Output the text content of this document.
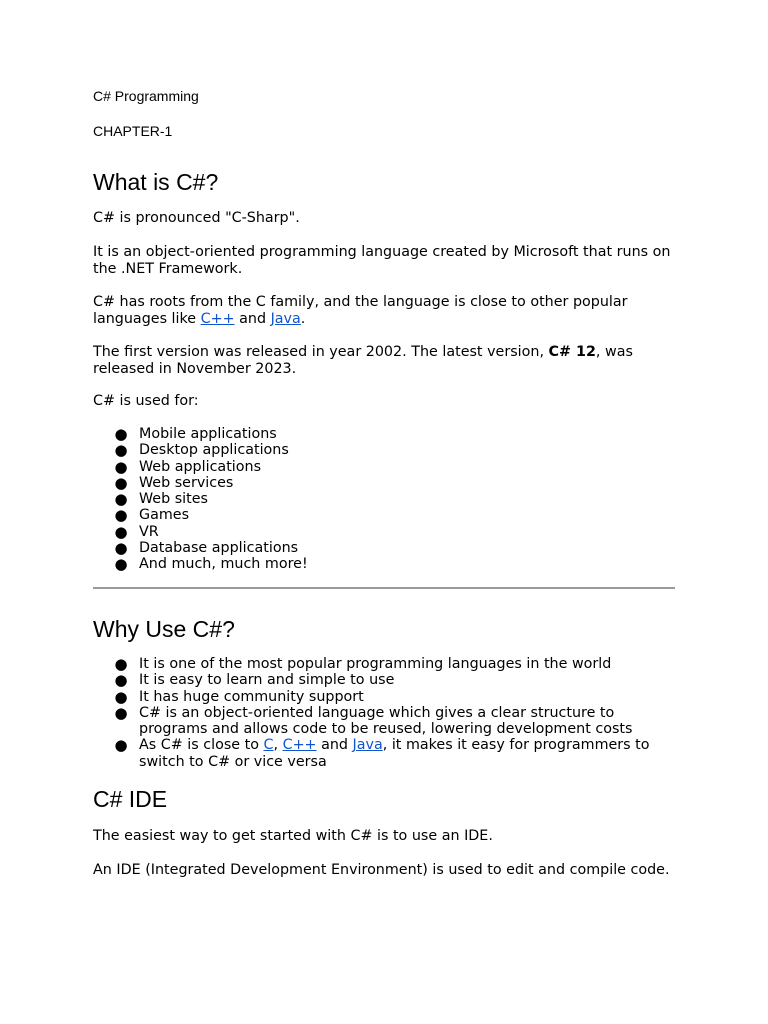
C# Programming
CHAPTER-1
What is C#?

C# is pronounced "C-Sharp".

It is an object-oriented programming language created by Microsoft that runs on the .NET Framework.

C# has roots from the C family, and the language is close to other popular languages like C++ and Java.

The first version was released in year 2002. The latest version, C# 12, was released in November 2023.

C# is used for:

● Mobile applications
● Desktop applications
● Web applications
● Web services
● Web sites
● Games
● VR
● Database applications
● And much, much more!
Why Use C#?
● It is one of the most popular programming languages in the world
● It is easy to learn and simple to use
● It has huge community support
● C# is an object-oriented language which gives a clear structure to programs and allows code to be reused, lowering development costs
● As C# is close to C, C++ and Java, it makes it easy for programmers to switch to C# or vice versa
C# IDE

The easiest way to get started with C# is to use an IDE.

An IDE (Integrated Development Environment) is used to edit and compile code.
